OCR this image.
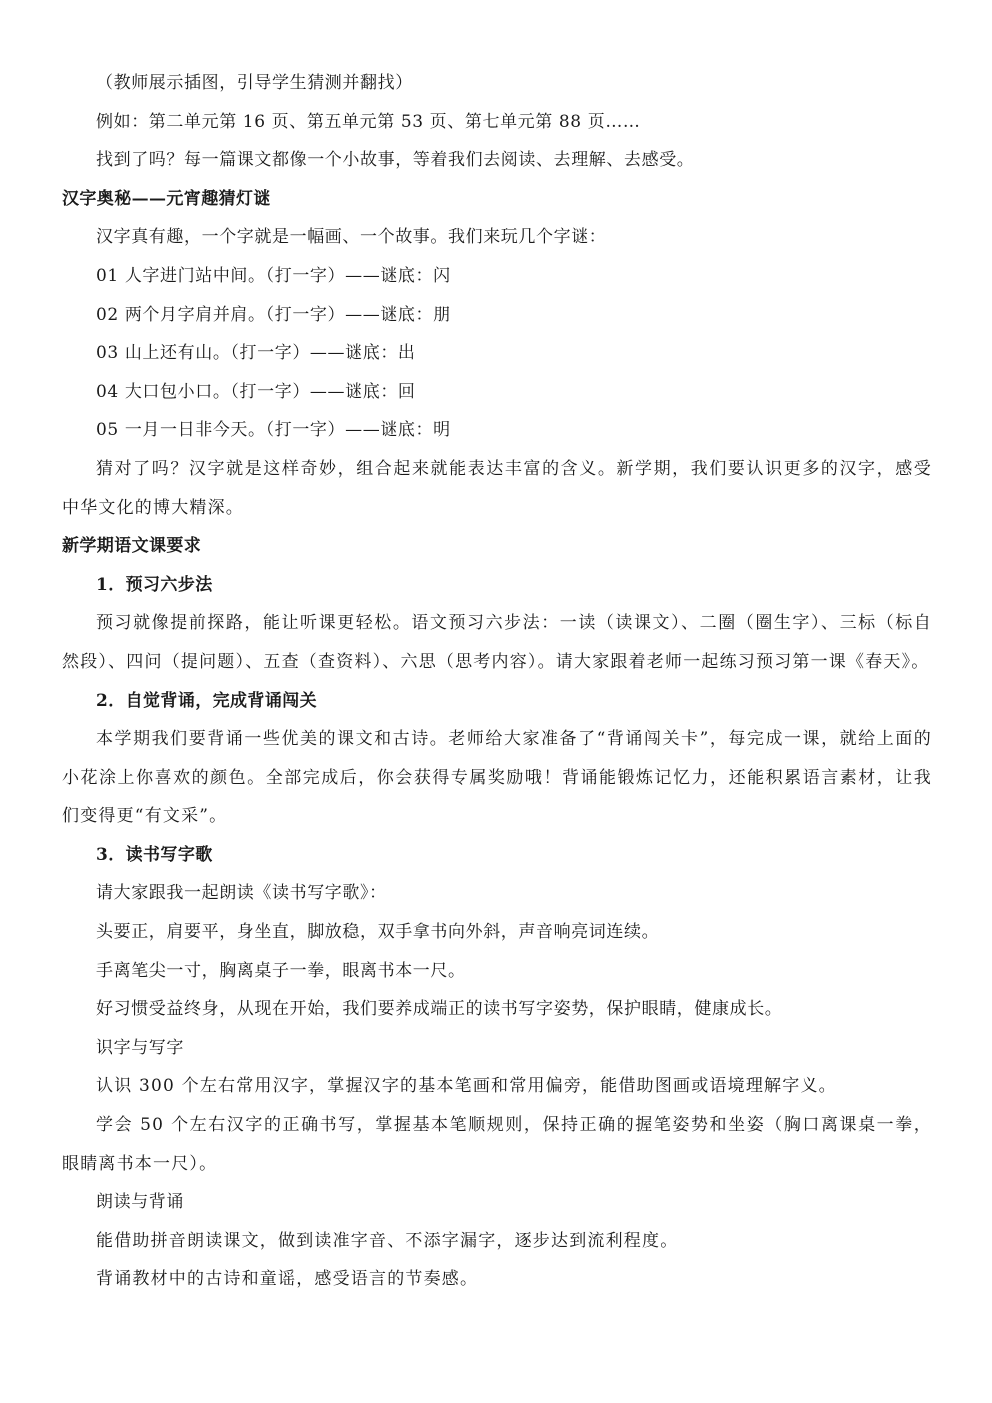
（教师展示插图，引导学生猜测并翻找）

例如：第二单元第 16 页、第五单元第 53 页、第七单元第 88 页……

找到了吗？每一篇课文都像一个小故事，等着我们去阅读、去理解、去感受。

汉字奥秘——元宵趣猜灯谜

汉字真有趣，一个字就是一幅画、一个故事。我们来玩几个字谜：

01 人字进门站中间。（打一字）——谜底：闪

02 两个月字肩并肩。（打一字）——谜底：朋

03 山上还有山。（打一字）——谜底：出

04 大口包小口。（打一字）——谜底：回

05 一月一日非今天。（打一字）——谜底：明

猜对了吗？汉字就是这样奇妙，组合起来就能表达丰富的含义。新学期，我们要认识更多的汉字，感受中华文化的博大精深。

新学期语文课要求

1．预习六步法

预习就像提前探路，能让听课更轻松。语文预习六步法：一读（读课文）、二圈（圈生字）、三标（标自然段）、四问（提问题）、五查（查资料）、六思（思考内容）。请大家跟着老师一起练习预习第一课《春天》。

2．自觉背诵，完成背诵闯关

本学期我们要背诵一些优美的课文和古诗。老师给大家准备了“背诵闯关卡”，每完成一课，就给上面的小花涂上你喜欢的颜色。全部完成后，你会获得专属奖励哦！背诵能锻炼记忆力，还能积累语言素材，让我们变得更“有文采”。

3．读书写字歌

请大家跟我一起朗读《读书写字歌》：

头要正，肩要平，身坐直，脚放稳，双手拿书向外斜，声音响亮词连续。

手离笔尖一寸，胸离桌子一拳，眼离书本一尺。

好习惯受益终身，从现在开始，我们要养成端正的读书写字姿势，保护眼睛，健康成长。

识字与写字

认识 300 个左右常用汉字，掌握汉字的基本笔画和常用偏旁，能借助图画或语境理解字义。

学会 50 个左右汉字的正确书写，掌握基本笔顺规则，保持正确的握笔姿势和坐姿（胸口离课桌一拳，眼睛离书本一尺）。

朗读与背诵

能借助拼音朗读课文，做到读准字音、不添字漏字，逐步达到流利程度。

背诵教材中的古诗和童谣，感受语言的节奏感。
